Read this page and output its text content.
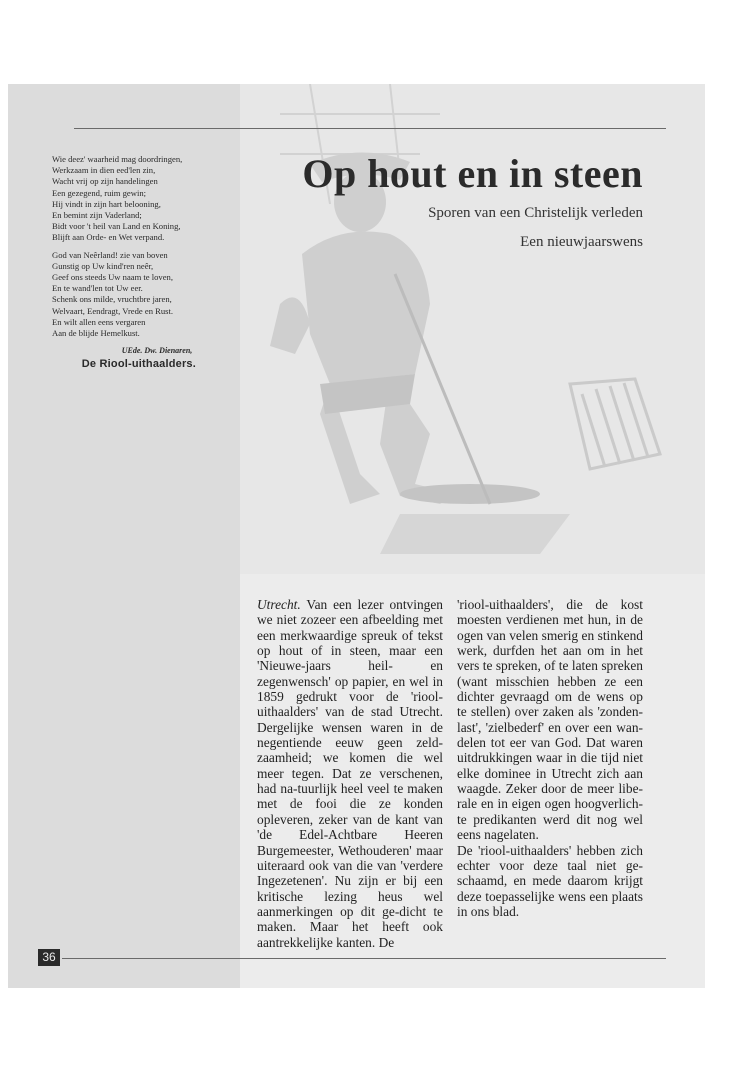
Wie deez' waarheid mag doordringen,
Werkzaam in dien eed'len zin,
Wacht vrij op zijn handelingen
Een gezegend, ruim gewin;
Hij vindt in zijn hart belooning,
En bemint zijn Vaderland;
Bidt voor 't heil van Land en Koning,
Blijft aan Orde- en Wet verpand.
God van Neêrland! zie van boven
Gunstig op Uw kind'ren neêr,
Geef ons steeds Uw naam te loven,
En te wand'len tot Uw eer.
Schenk ons milde, vruchtbre jaren,
Welvaart, Eendragt, Vrede en Rust.
En wilt allen eens vergaren
Aan de blijde Hemelkust.
UEde. Dw. Dienaren,
De Riool-uithaalders.
Op hout en in steen
Sporen van een Christelijk verleden
Een nieuwjaarswens
Utrecht. Van een lezer ontvingen we niet zozeer een afbeelding met een merkwaardige spreuk of tekst op hout of in steen, maar een 'Nieuwe-jaars heil- en zegenwensch' op papier, en wel in 1859 gedrukt voor de 'riool-uithaalders' van de stad Utrecht. Dergelijke wensen waren in de negentiende eeuw geen zeld-zaamheid; we komen die wel meer tegen. Dat ze verschenen, had na-tuurlijk heel veel te maken met de fooi die ze konden opleveren, zeker van de kant van 'de Edel-Achtbare Heeren Burgemeester, Wethouderen' maar uiteraard ook van die van 'verdere Ingezetenen'. Nu zijn er bij een kritische lezing heus wel aanmerkingen op dit ge-dicht te maken. Maar het heeft ook aantrekkelijke kanten. De
'riool-uithaalders', die de kost moesten verdienen met hun, in de ogen van velen smerig en stinkend werk, durfden het aan om in het vers te spreken, of te laten spreken (want misschien hebben ze een dichter gevraagd om de wens op te stellen) over zaken als 'zonden-last', 'zielbederf' en over een wan-delen tot eer van God. Dat waren uitdrukkingen waar in die tijd niet elke dominee in Utrecht zich aan waagde. Zeker door de meer libe-rale en in eigen ogen hoogverlich-te predikanten werd dit nog wel eens nagelaten.
De 'riool-uithaalders' hebben zich echter voor deze taal niet ge-schaamd, en mede daarom krijgt deze toepasselijke wens een plaats in ons blad.
36
